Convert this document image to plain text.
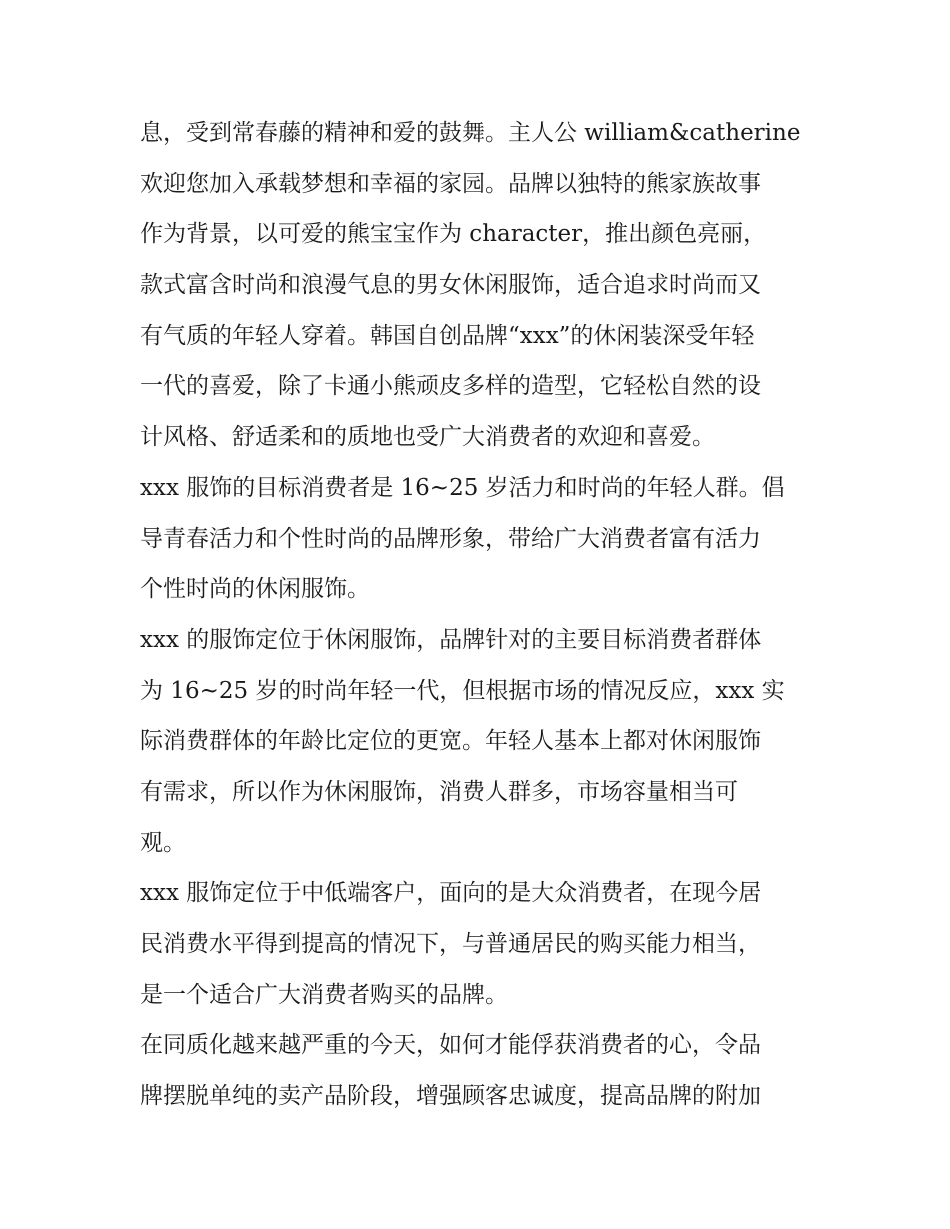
息，受到常春藤的精神和爱的鼓舞。主人公 william&catherine
欢迎您加入承载梦想和幸福的家园。品牌以独特的熊家族故事
作为背景，以可爱的熊宝宝作为 character，推出颜色亮丽，
款式富含时尚和浪漫气息的男女休闲服饰，适合追求时尚而又
有气质的年轻人穿着。韩国自创品牌“xxx”的休闲装深受年轻
一代的喜爱，除了卡通小熊顽皮多样的造型，它轻松自然的设
计风格、舒适柔和的质地也受广大消费者的欢迎和喜爱。
xxx 服饰的目标消费者是 16~25 岁活力和时尚的年轻人群。倡
导青春活力和个性时尚的品牌形象，带给广大消费者富有活力
个性时尚的休闲服饰。
xxx 的服饰定位于休闲服饰，品牌针对的主要目标消费者群体
为 16~25 岁的时尚年轻一代，但根据市场的情况反应，xxx 实
际消费群体的年龄比定位的更宽。年轻人基本上都对休闲服饰
有需求，所以作为休闲服饰，消费人群多，市场容量相当可
观。
xxx 服饰定位于中低端客户，面向的是大众消费者，在现今居
民消费水平得到提高的情况下，与普通居民的购买能力相当，
是一个适合广大消费者购买的品牌。
在同质化越来越严重的今天，如何才能俘获消费者的心，令品
牌摆脱单纯的卖产品阶段，增强顾客忠诚度，提高品牌的附加
